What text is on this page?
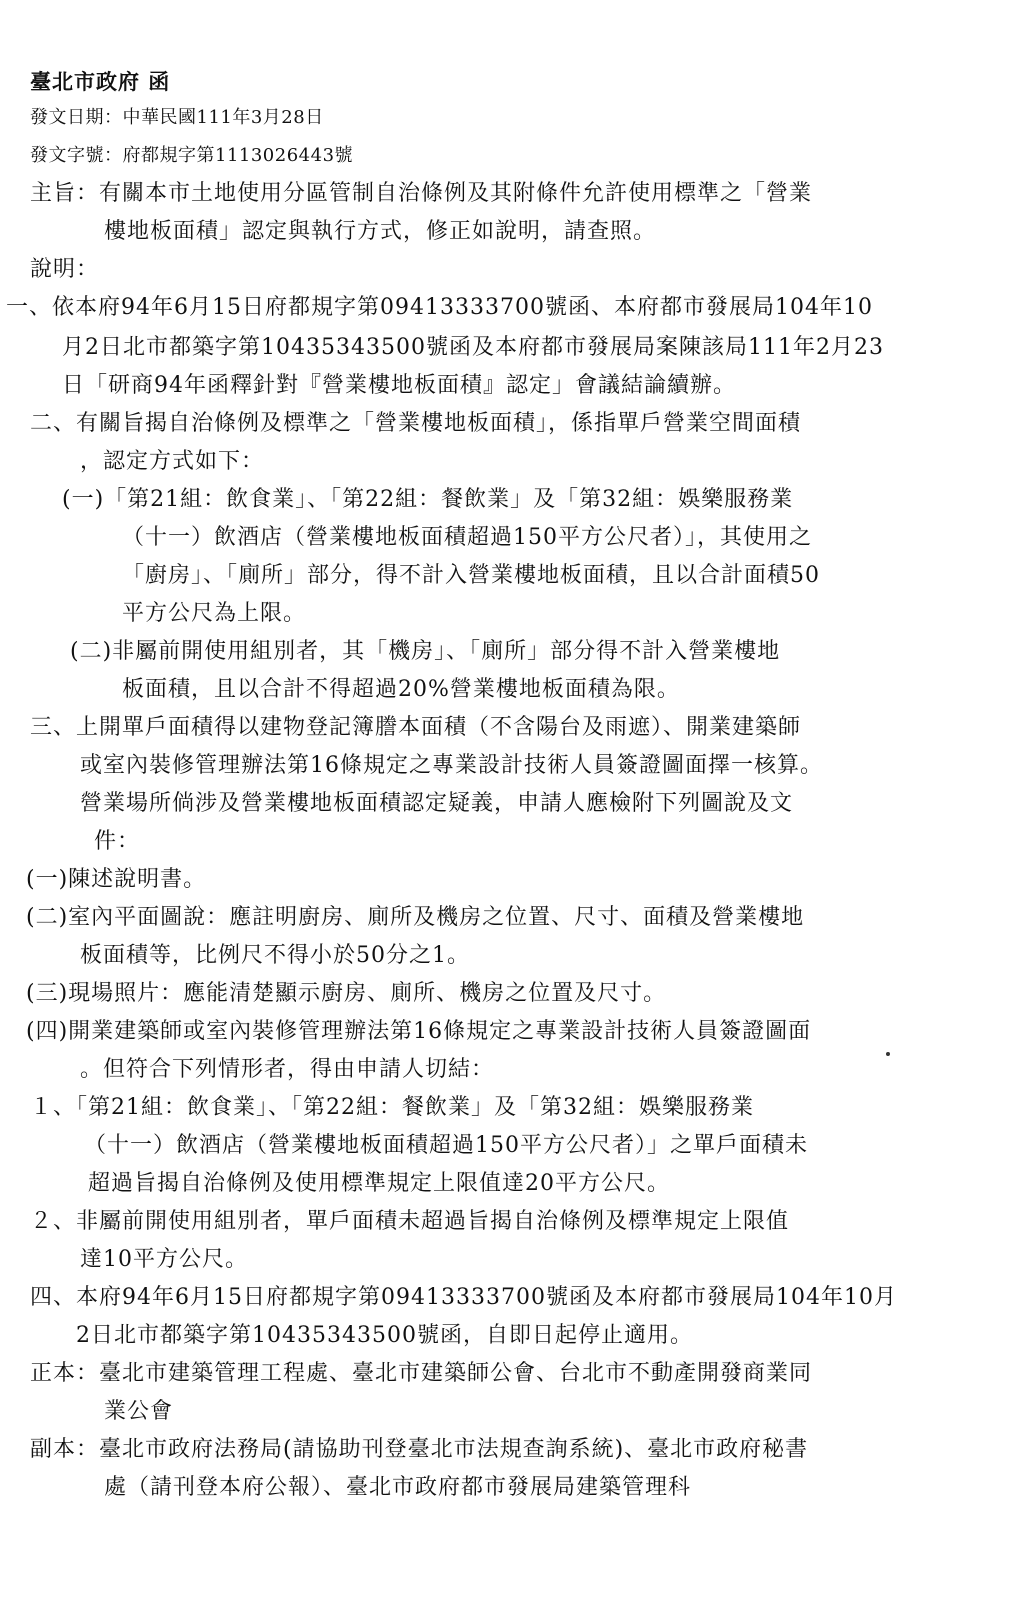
臺北市政府 函
發文日期：中華民國111年3月28日
發文字號：府都規字第1113026443號
主旨：有關本市土地使用分區管制自治條例及其附條件允許使用標準之「營業
樓地板面積」認定與執行方式，修正如說明，請查照。
說明：
一、依本府94年6月15日府都規字第09413333700號函、本府都市發展局104年10
月2日北市都築字第10435343500號函及本府都市發展局案陳該局111年2月23
日「研商94年函釋針對『營業樓地板面積』認定」會議結論續辦。
二、有關旨揭自治條例及標準之「營業樓地板面積」，係指單戶營業空間面積
，認定方式如下：
(一)「第21組：飲食業」、「第22組：餐飲業」及「第32組：娛樂服務業
（十一）飲酒店（營業樓地板面積超過150平方公尺者）」，其使用之
「廚房」、「廁所」部分，得不計入營業樓地板面積，且以合計面積50
平方公尺為上限。
(二)非屬前開使用組別者，其「機房」、「廁所」部分得不計入營業樓地
板面積，且以合計不得超過20%營業樓地板面積為限。
三、上開單戶面積得以建物登記簿謄本面積（不含陽台及雨遮）、開業建築師
或室內裝修管理辦法第16條規定之專業設計技術人員簽證圖面擇一核算。
營業場所倘涉及營業樓地板面積認定疑義，申請人應檢附下列圖說及文
件：
(一)陳述說明書。
(二)室內平面圖說：應註明廚房、廁所及機房之位置、尺寸、面積及營業樓地
板面積等，比例尺不得小於50分之1。
(三)現場照片：應能清楚顯示廚房、廁所、機房之位置及尺寸。
(四)開業建築師或室內裝修管理辦法第16條規定之專業設計技術人員簽證圖面
。但符合下列情形者，得由申請人切結：
１、「第21組：飲食業」、「第22組：餐飲業」及「第32組：娛樂服務業
（十一）飲酒店（營業樓地板面積超過150平方公尺者）」之單戶面積未
超過旨揭自治條例及使用標準規定上限值達20平方公尺。
２、非屬前開使用組別者，單戶面積未超過旨揭自治條例及標準規定上限值
達10平方公尺。
四、本府94年6月15日府都規字第09413333700號函及本府都市發展局104年10月
2日北市都築字第10435343500號函，自即日起停止適用。
正本：臺北市建築管理工程處、臺北市建築師公會、台北市不動產開發商業同
業公會
副本：臺北市政府法務局(請協助刊登臺北市法規查詢系統)、臺北市政府秘書
處（請刊登本府公報）、臺北市政府都市發展局建築管理科
